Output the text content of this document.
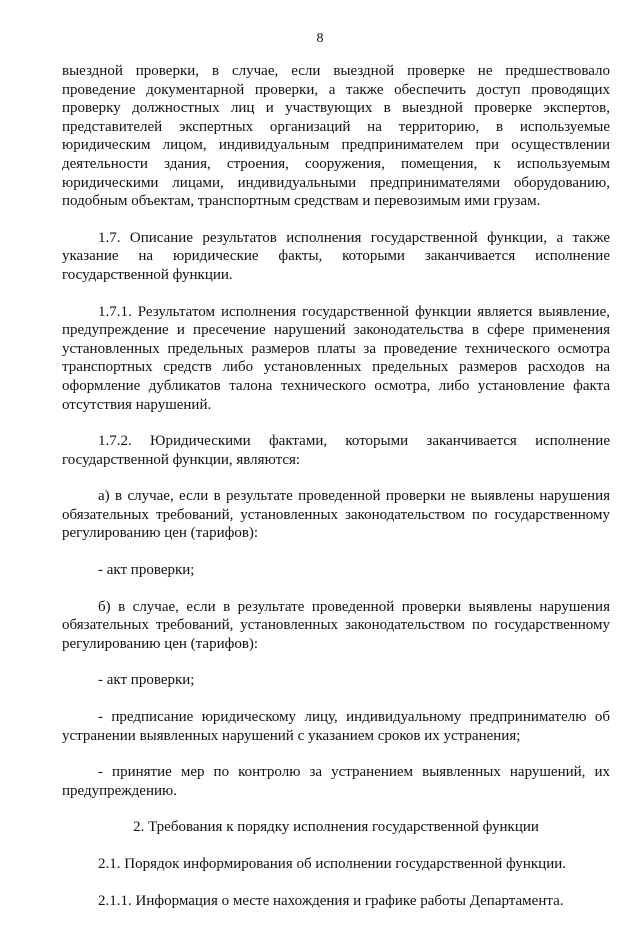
8

выездной проверки, в случае, если выездной проверке не предшествовало проведение документарной проверки, а также обеспечить доступ проводящих проверку должностных лиц и участвующих в выездной проверке экспертов, представителей экспертных организаций на территорию, в используемые юридическим лицом, индивидуальным предпринимателем при осуществлении деятельности здания, строения, сооружения, помещения, к используемым юридическими лицами, индивидуальными предпринимателями оборудованию, подобным объектам, транспортным средствам и перевозимым ими грузам.

1.7. Описание результатов исполнения государственной функции, а также указание на юридические факты, которыми заканчивается исполнение государственной функции.

1.7.1. Результатом исполнения государственной функции является выявление, предупреждение и пресечение нарушений законодательства в сфере применения установленных предельных размеров платы за проведение технического осмотра транспортных средств либо установленных предельных размеров расходов на оформление дубликатов талона технического осмотра, либо установление факта отсутствия нарушений.

1.7.2. Юридическими фактами, которыми заканчивается исполнение государственной функции, являются:

а) в случае, если в результате проведенной проверки не выявлены нарушения обязательных требований, установленных законодательством по государственному регулированию цен (тарифов):

- акт проверки;

б) в случае, если в результате проведенной проверки выявлены нарушения обязательных требований, установленных законодательством по государственному регулированию цен (тарифов):

- акт проверки;

- предписание юридическому лицу, индивидуальному предпринимателю об устранении выявленных нарушений с указанием сроков их устранения;

- принятие мер по контролю за устранением выявленных нарушений, их предупреждению.

2. Требования к порядку исполнения государственной функции

2.1. Порядок информирования об исполнении государственной функции.

2.1.1. Информация о месте нахождения и графике работы Департамента.
